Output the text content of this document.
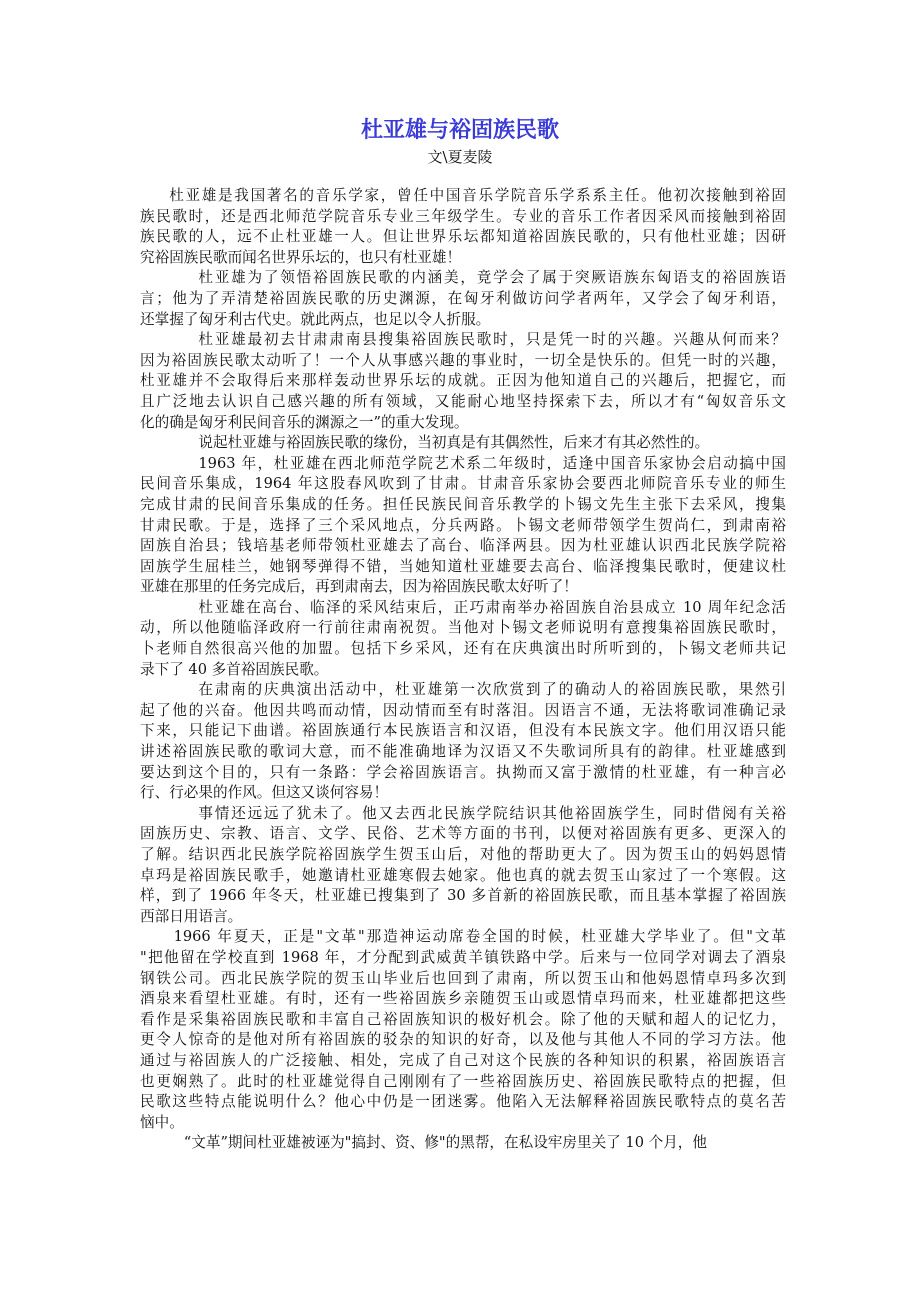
杜亚雄与裕固族民歌
文\夏麦陵
杜亚雄是我国著名的音乐学家，曾任中国音乐学院音乐学系系主任。他初次接触到裕固
族民歌时，还是西北师范学院音乐专业三年级学生。专业的音乐工作者因采风而接触到裕固
族民歌的人，远不止杜亚雄一人。但让世界乐坛都知道裕固族民歌的，只有他杜亚雄；因研
究裕固族民歌而闻名世界乐坛的，也只有杜亚雄！
杜亚雄为了领悟裕固族民歌的内涵美，竟学会了属于突厥语族东匈语支的裕固族语
言；他为了弄清楚裕固族民歌的历史渊源，在匈牙利做访问学者两年，又学会了匈牙利语，
还掌握了匈牙利古代史。就此两点，也足以令人折服。
杜亚雄最初去甘肃肃南县搜集裕固族民歌时，只是凭一时的兴趣。兴趣从何而来？
因为裕固族民歌太动听了！一个人从事感兴趣的事业时，一切全是快乐的。但凭一时的兴趣，
杜亚雄并不会取得后来那样轰动世界乐坛的成就。正因为他知道自己的兴趣后，把握它，而
且广泛地去认识自己感兴趣的所有领域，又能耐心地坚持探索下去，所以才有“匈奴音乐文
化的确是匈牙利民间音乐的渊源之一”的重大发现。
说起杜亚雄与裕固族民歌的缘份，当初真是有其偶然性，后来才有其必然性的。
1963 年，杜亚雄在西北师范学院艺术系二年级时，适逢中国音乐家协会启动搞中国
民间音乐集成，1964 年这股春风吹到了甘肃。甘肃音乐家协会要西北师院音乐专业的师生
完成甘肃的民间音乐集成的任务。担任民族民间音乐教学的卜锡文先生主张下去采风，搜集
甘肃民歌。于是，选择了三个采风地点，分兵两路。卜锡文老师带领学生贺尚仁，到肃南裕
固族自治县；钱培基老师带领杜亚雄去了高台、临泽两县。因为杜亚雄认识西北民族学院裕
固族学生屈桂兰，她钢琴弹得不错，当她知道杜亚雄要去高台、临泽搜集民歌时，便建议杜
亚雄在那里的任务完成后，再到肃南去，因为裕固族民歌太好听了！
杜亚雄在高台、临泽的采风结束后，正巧肃南举办裕固族自治县成立 10 周年纪念活
动，所以他随临泽政府一行前往肃南祝贺。当他对卜锡文老师说明有意搜集裕固族民歌时，
卜老师自然很高兴他的加盟。包括下乡采风，还有在庆典演出时所听到的，卜锡文老师共记
录下了 40 多首裕固族民歌。
在肃南的庆典演出活动中，杜亚雄第一次欣赏到了的确动人的裕固族民歌，果然引
起了他的兴奋。他因共鸣而动情，因动情而至有时落泪。因语言不通，无法将歌词准确记录
下来，只能记下曲谱。裕固族通行本民族语言和汉语，但没有本民族文字。他们用汉语只能
讲述裕固族民歌的歌词大意，而不能准确地译为汉语又不失歌词所具有的韵律。杜亚雄感到
要达到这个目的，只有一条路：学会裕固族语言。执拗而又富于激情的杜亚雄，有一种言必
行、行必果的作风。但这又谈何容易！
事情还远远了犹未了。他又去西北民族学院结识其他裕固族学生，同时借阅有关裕
固族历史、宗教、语言、文学、民俗、艺术等方面的书刊，以便对裕固族有更多、更深入的
了解。结识西北民族学院裕固族学生贺玉山后，对他的帮助更大了。因为贺玉山的妈妈恩情
卓玛是裕固族民歌手，她邀请杜亚雄寒假去她家。他也真的就去贺玉山家过了一个寒假。这
样，到了 1966 年冬天，杜亚雄已搜集到了 30 多首新的裕固族民歌，而且基本掌握了裕固族
西部日用语言。
1966 年夏天，正是"文革"那造神运动席卷全国的时候，杜亚雄大学毕业了。但"文革
"把他留在学校直到 1968 年，才分配到武威黄羊镇铁路中学。后来与一位同学对调去了酒泉
钢铁公司。西北民族学院的贺玉山毕业后也回到了肃南，所以贺玉山和他妈恩情卓玛多次到
酒泉来看望杜亚雄。有时，还有一些裕固族乡亲随贺玉山或恩情卓玛而来，杜亚雄都把这些
看作是采集裕固族民歌和丰富自己裕固族知识的极好机会。除了他的天赋和超人的记忆力，
更令人惊奇的是他对所有裕固族的驳杂的知识的好奇，以及他与其他人不同的学习方法。他
通过与裕固族人的广泛接触、相处，完成了自己对这个民族的各种知识的积累，裕固族语言
也更娴熟了。此时的杜亚雄觉得自己刚刚有了一些裕固族历史、裕固族民歌特点的把握，但
民歌这些特点能说明什么？他心中仍是一团迷雾。他陷入无法解释裕固族民歌特点的莫名苦
恼中。
“文革”期间杜亚雄被诬为"搞封、资、修"的黑帮，在私设牢房里关了 10 个月，他
